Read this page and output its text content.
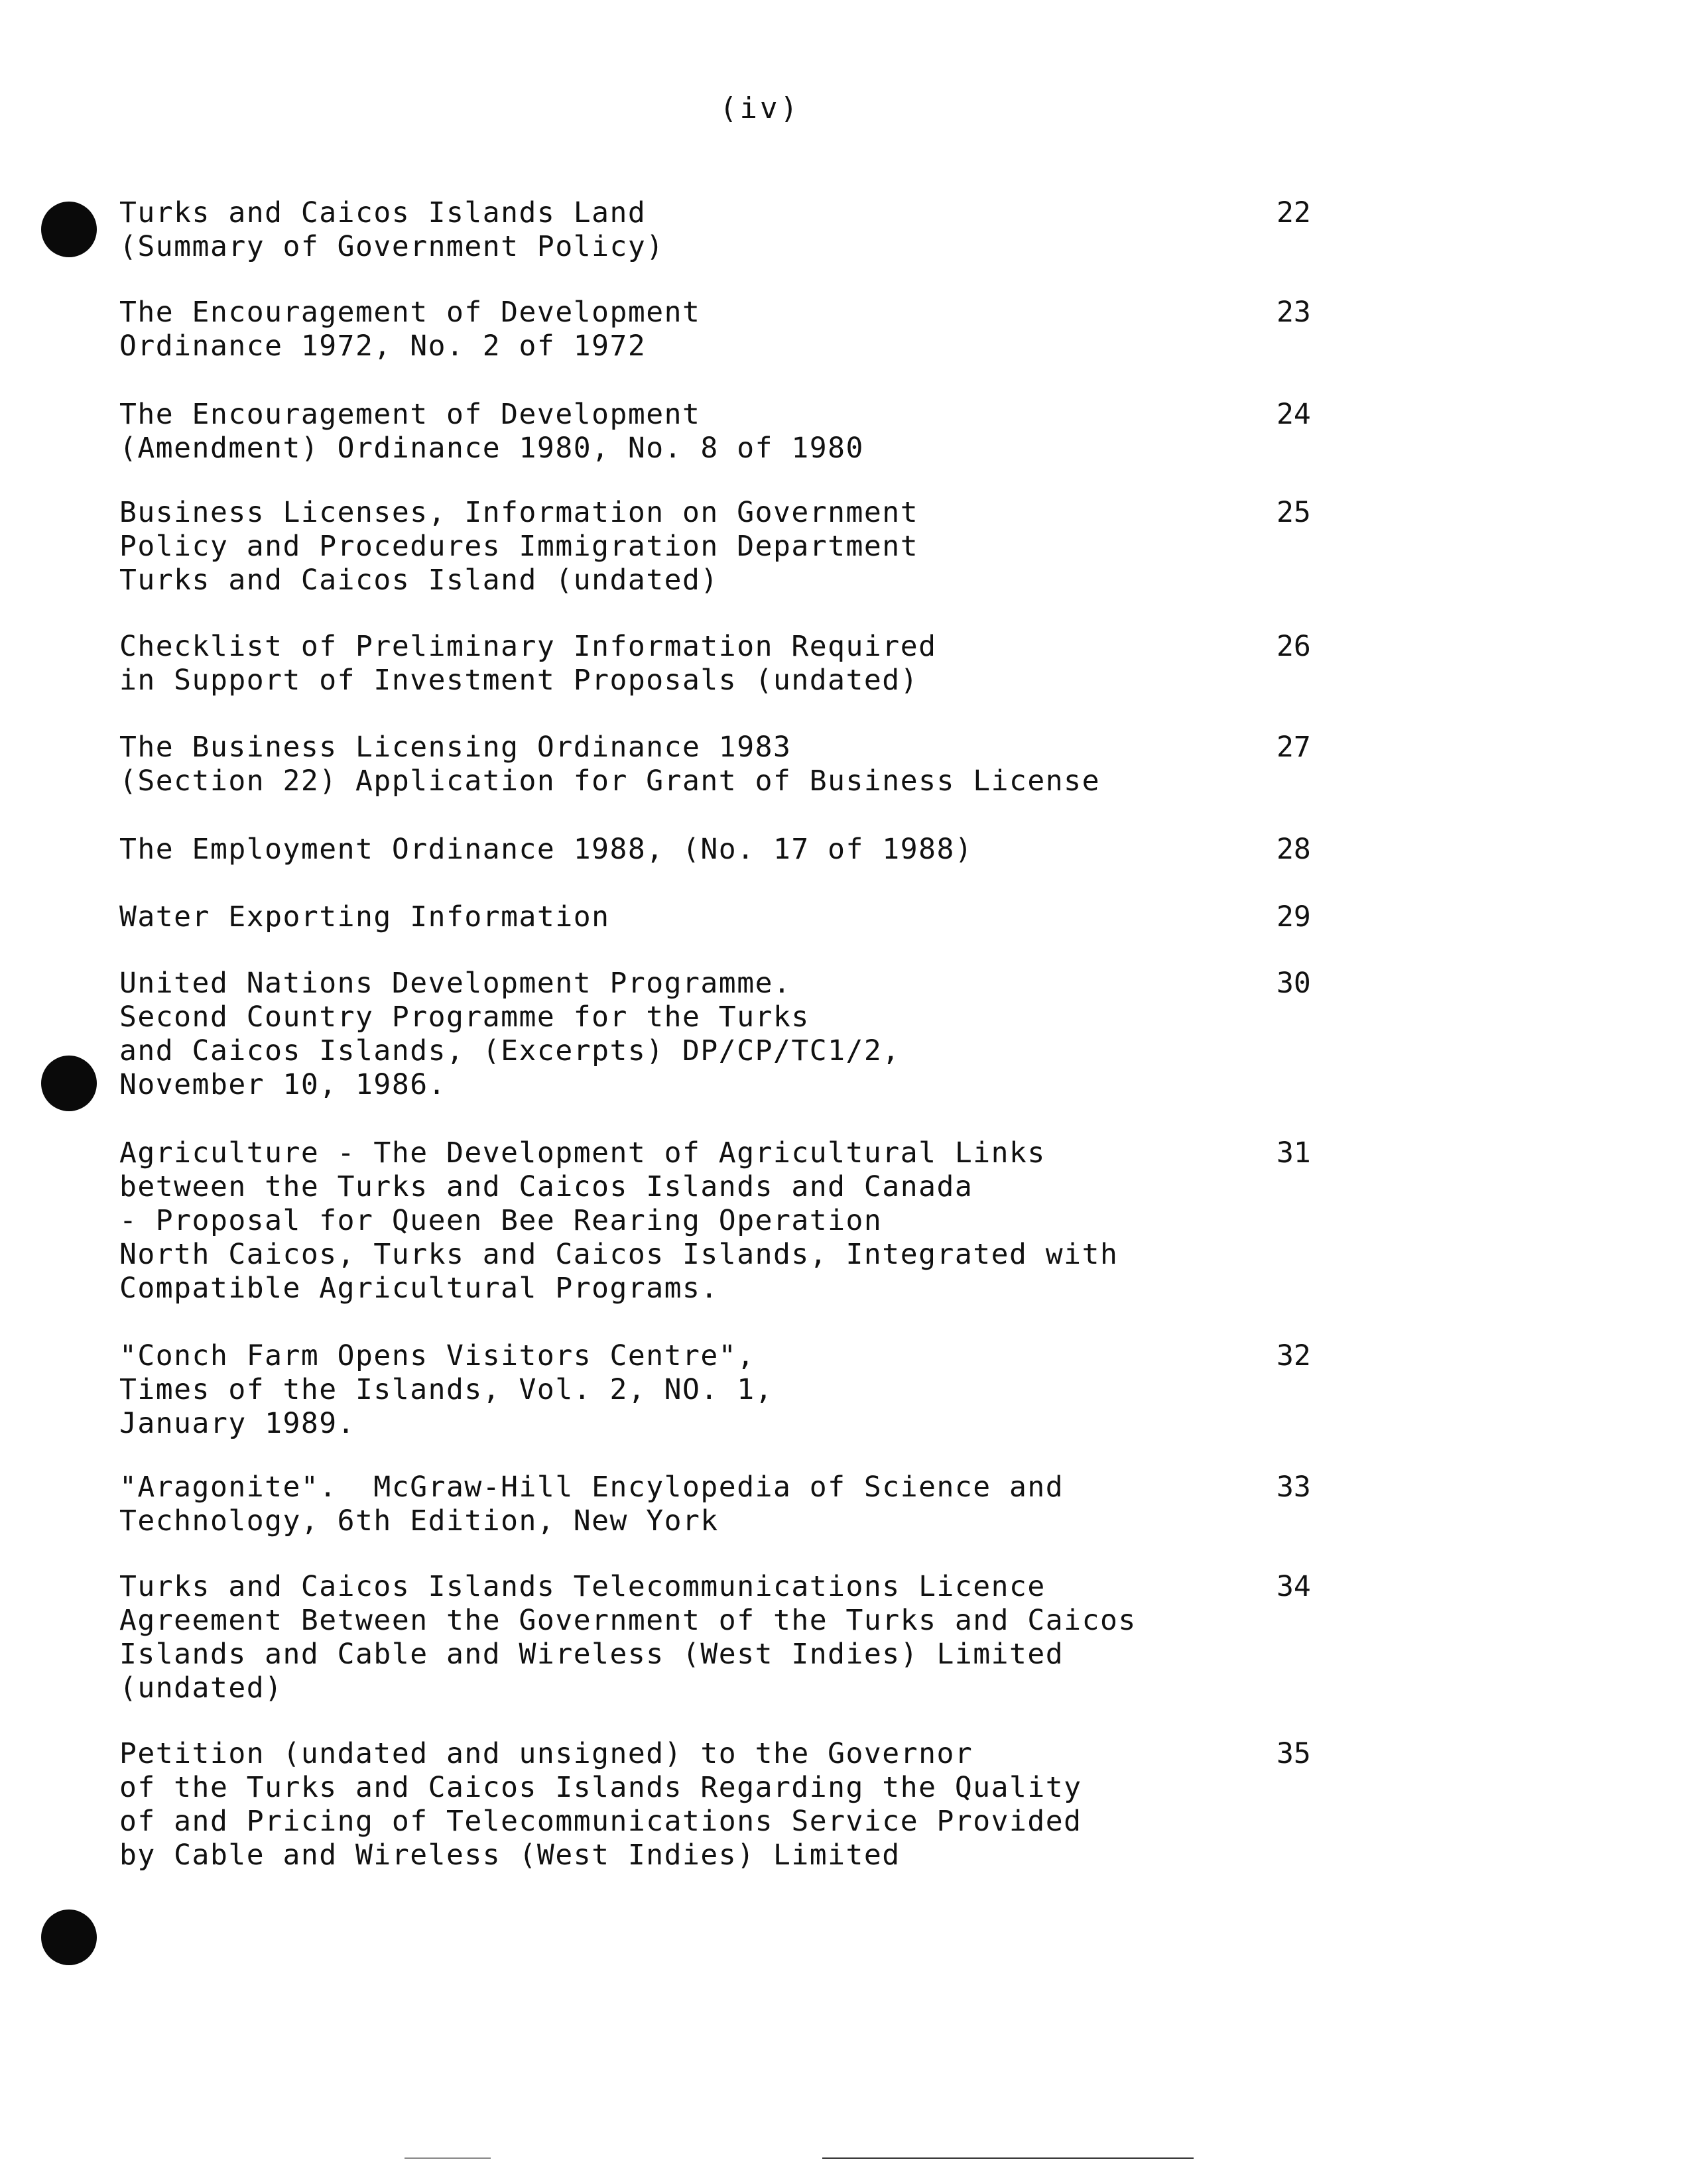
(iv)
Turks and Caicos Islands Land
(Summary of Government Policy)
22
The Encouragement of Development
Ordinance 1972, No. 2 of 1972
23
The Encouragement of Development
(Amendment) Ordinance 1980, No. 8 of 1980
24
Business Licenses, Information on Government
Policy and Procedures Immigration Department
Turks and Caicos Island (undated)
25
Checklist of Preliminary Information Required
in Support of Investment Proposals (undated)
26
The Business Licensing Ordinance 1983
(Section 22) Application for Grant of Business License
27
The Employment Ordinance 1988, (No. 17 of 1988)	28
Water Exporting Information	29
United Nations Development Programme.
Second Country Programme for the Turks
and Caicos Islands, (Excerpts) DP/CP/TC1/2,
November 10, 1986.
30
Agriculture - The Development of Agricultural Links
between the Turks and Caicos Islands and Canada
- Proposal for Queen Bee Rearing Operation
North Caicos, Turks and Caicos Islands, Integrated with
Compatible Agricultural Programs.
31
"Conch Farm Opens Visitors Centre",
Times of the Islands, Vol. 2, NO. 1,
January 1989.
32
"Aragonite".  McGraw-Hill Encylopedia of Science and
Technology, 6th Edition, New York
33
Turks and Caicos Islands Telecommunications Licence
Agreement Between the Government of the Turks and Caicos
Islands and Cable and Wireless (West Indies) Limited
(undated)
34
Petition (undated and unsigned) to the Governor
of the Turks and Caicos Islands Regarding the Quality
of and Pricing of Telecommunications Service Provided
by Cable and Wireless (West Indies) Limited
35
